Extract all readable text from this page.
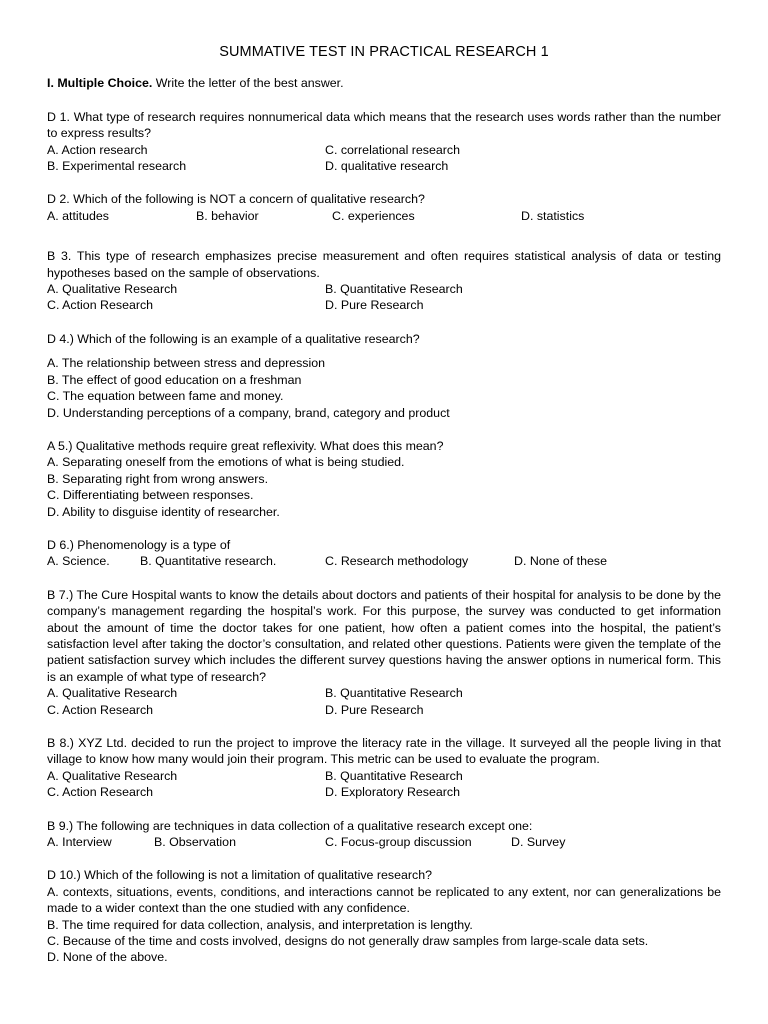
SUMMATIVE TEST IN PRACTICAL RESEARCH 1
I. Multiple Choice. Write the letter of the best answer.
D 1. What type of research requires nonnumerical data which means that the research uses words rather than the number to express results?
A. Action research	C. correlational research
B. Experimental research	D. qualitative research
D 2. Which of the following is NOT a concern of qualitative research?
A. attitudes	B. behavior	C. experiences	D. statistics
B 3. This type of research emphasizes precise measurement and often requires statistical analysis of data or testing hypotheses based on the sample of observations.
A. Qualitative Research	B. Quantitative Research
C. Action Research	D. Pure Research
D 4.) Which of the following is an example of a qualitative research?
A. The relationship between stress and depression
B. The effect of good education on a freshman
C. The equation between fame and money.
D. Understanding perceptions of a company, brand, category and product
A 5.) Qualitative methods require great reflexivity. What does this mean?
A. Separating oneself from the emotions of what is being studied.
B. Separating right from wrong answers.
C. Differentiating between responses.
D. Ability to disguise identity of researcher.
D 6.) Phenomenology is a type of
A. Science.	B. Quantitative research.	C. Research methodology	D. None of these
B 7.) The Cure Hospital wants to know the details about doctors and patients of their hospital for analysis to be done by the company’s management regarding the hospital’s work. For this purpose, the survey was conducted to get information about the amount of time the doctor takes for one patient, how often a patient comes into the hospital, the patient’s satisfaction level after taking the doctor’s consultation, and related other questions. Patients were given the template of the patient satisfaction survey which includes the different survey questions having the answer options in numerical form. This is an example of what type of research?
A. Qualitative Research	B. Quantitative Research
C. Action Research	D. Pure Research
B 8.) XYZ Ltd. decided to run the project to improve the literacy rate in the village. It surveyed all the people living in that village to know how many would join their program. This metric can be used to evaluate the program.
A. Qualitative Research	B. Quantitative Research
C. Action Research	D. Exploratory Research
B 9.) The following are techniques in data collection of a qualitative research except one:
A. Interview	B. Observation	C. Focus-group discussion	D. Survey
D 10.) Which of the following is not a limitation of qualitative research?
A. contexts, situations, events, conditions, and interactions cannot be replicated to any extent, nor can generalizations be made to a wider context than the one studied with any confidence.
B. The time required for data collection, analysis, and interpretation is lengthy.
C. Because of the time and costs involved, designs do not generally draw samples from large-scale data sets.
D. None of the above.
